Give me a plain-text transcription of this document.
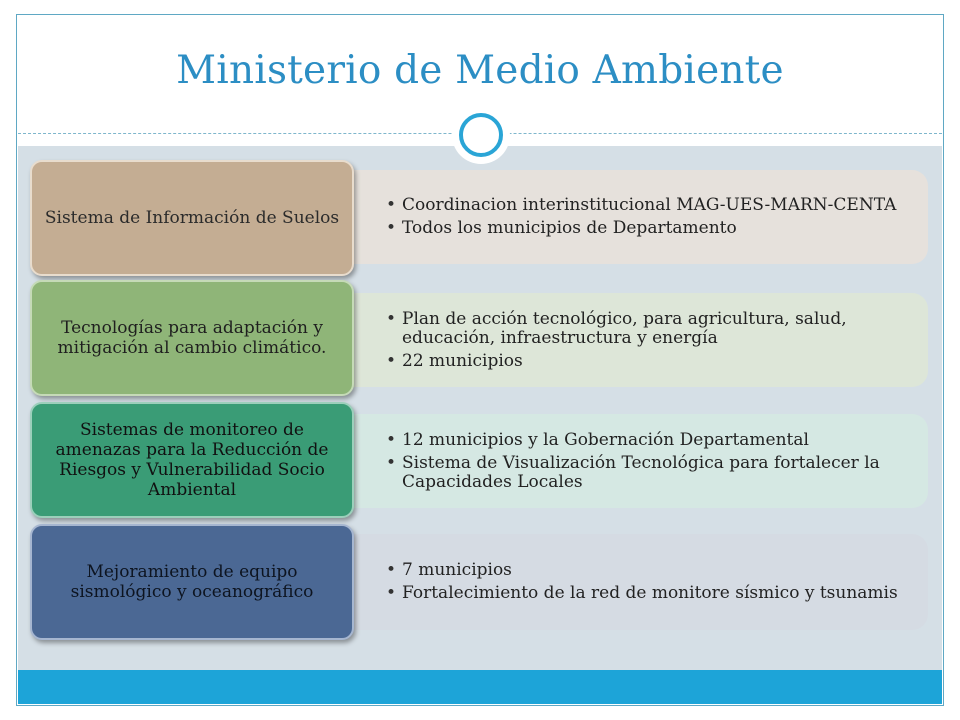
Ministerio de Medio Ambiente
• Coordinacion interinstitucional MAG-UES-MARN-CENTA
• Todos los municipios de Departamento
Sistema de Información de Suelos
• Plan de acción tecnológico, para agricultura, salud, educación, infraestructura y energía
• 22 municipios
Tecnologías para adaptación y mitigación al cambio climático.
• 12 municipios y la Gobernación Departamental
• Sistema de Visualización Tecnológica para fortalecer la Capacidades Locales
Sistemas de monitoreo de amenazas para la Reducción de Riesgos y Vulnerabilidad Socio Ambiental
• 7 municipios
• Fortalecimiento de la red de monitore sísmico y tsunamis
Mejoramiento de equipo sismológico y oceanográfico
